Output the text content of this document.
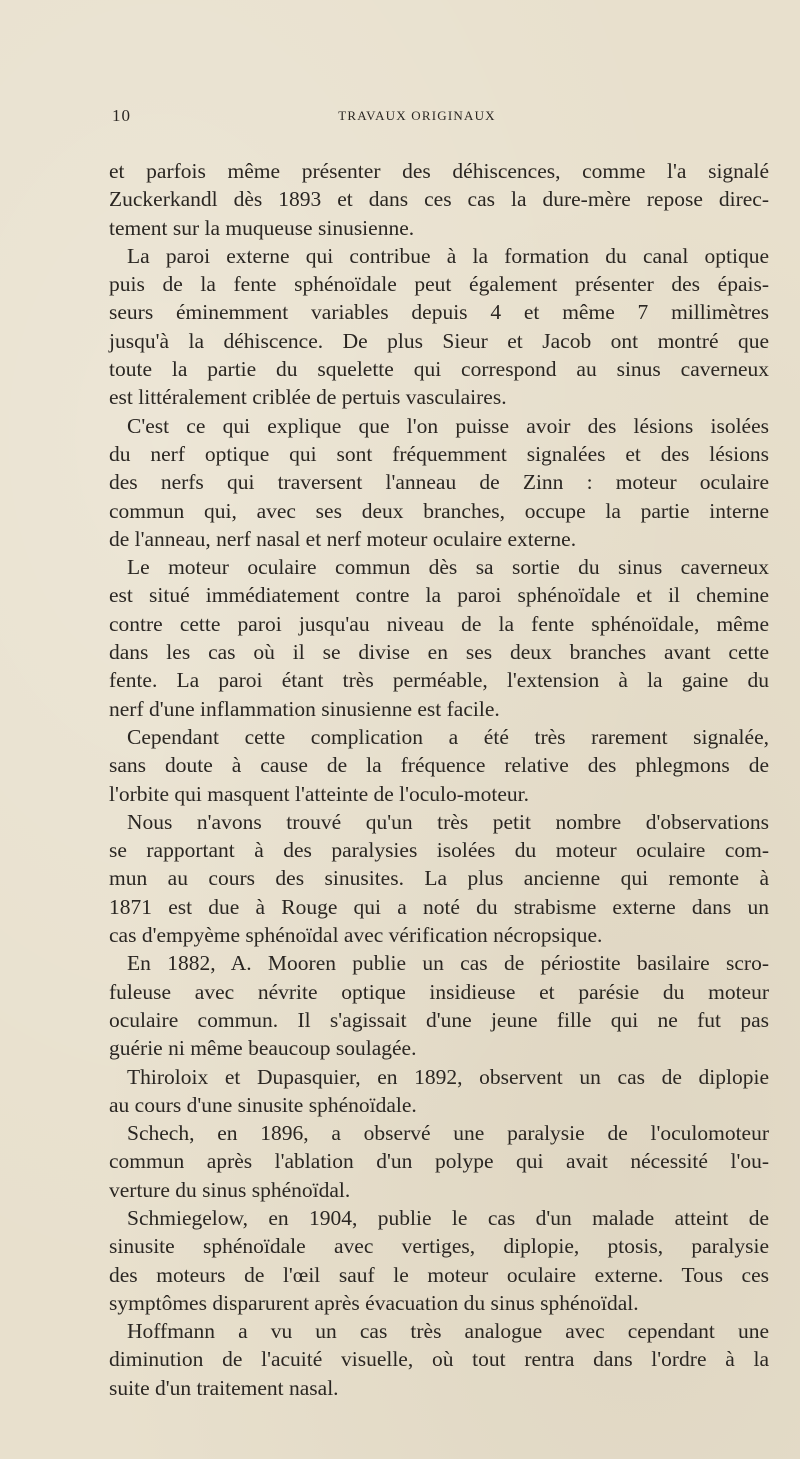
10	TRAVAUX ORIGINAUX
et parfois même présenter des déhiscences, comme l'a signalé
Zuckerkandl dès 1893 et dans ces cas la dure-mère repose direc-
tement sur la muqueuse sinusienne.
La paroi externe qui contribue à la formation du canal optique
puis de la fente sphénoïdale peut également présenter des épais-
seurs éminemment variables depuis 4 et même 7 millimètres
jusqu'à la déhiscence. De plus Sieur et Jacob ont montré que
toute la partie du squelette qui correspond au sinus caverneux
est littéralement criblée de pertuis vasculaires.
C'est ce qui explique que l'on puisse avoir des lésions isolées
du nerf optique qui sont fréquemment signalées et des lésions
des nerfs qui traversent l'anneau de Zinn : moteur oculaire
commun qui, avec ses deux branches, occupe la partie interne
de l'anneau, nerf nasal et nerf moteur oculaire externe.
Le moteur oculaire commun dès sa sortie du sinus caverneux
est situé immédiatement contre la paroi sphénoïdale et il chemine
contre cette paroi jusqu'au niveau de la fente sphénoïdale, même
dans les cas où il se divise en ses deux branches avant cette
fente. La paroi étant très perméable, l'extension à la gaine du
nerf d'une inflammation sinusienne est facile.
Cependant cette complication a été très rarement signalée,
sans doute à cause de la fréquence relative des phlegmons de
l'orbite qui masquent l'atteinte de l'oculo-moteur.
Nous n'avons trouvé qu'un très petit nombre d'observations
se rapportant à des paralysies isolées du moteur oculaire com-
mun au cours des sinusites. La plus ancienne qui remonte à
1871 est due à Rouge qui a noté du strabisme externe dans un
cas d'empyème sphénoïdal avec vérification nécropsique.
En 1882, A. Mooren publie un cas de périostite basilaire scro-
fuleuse avec névrite optique insidieuse et parésie du moteur
oculaire commun. Il s'agissait d'une jeune fille qui ne fut pas
guérie ni même beaucoup soulagée.
Thiroloix et Dupasquier, en 1892, observent un cas de diplopie
au cours d'une sinusite sphénoïdale.
Schech, en 1896, a observé une paralysie de l'oculomoteur
commun après l'ablation d'un polype qui avait nécessité l'ou-
verture du sinus sphénoïdal.
Schmiegelow, en 1904, publie le cas d'un malade atteint de
sinusite sphénoïdale avec vertiges, diplopie, ptosis, paralysie
des moteurs de l'œil sauf le moteur oculaire externe. Tous ces
symptômes disparurent après évacuation du sinus sphénoïdal.
Hoffmann a vu un cas très analogue avec cependant une
diminution de l'acuité visuelle, où tout rentra dans l'ordre à la
suite d'un traitement nasal.
